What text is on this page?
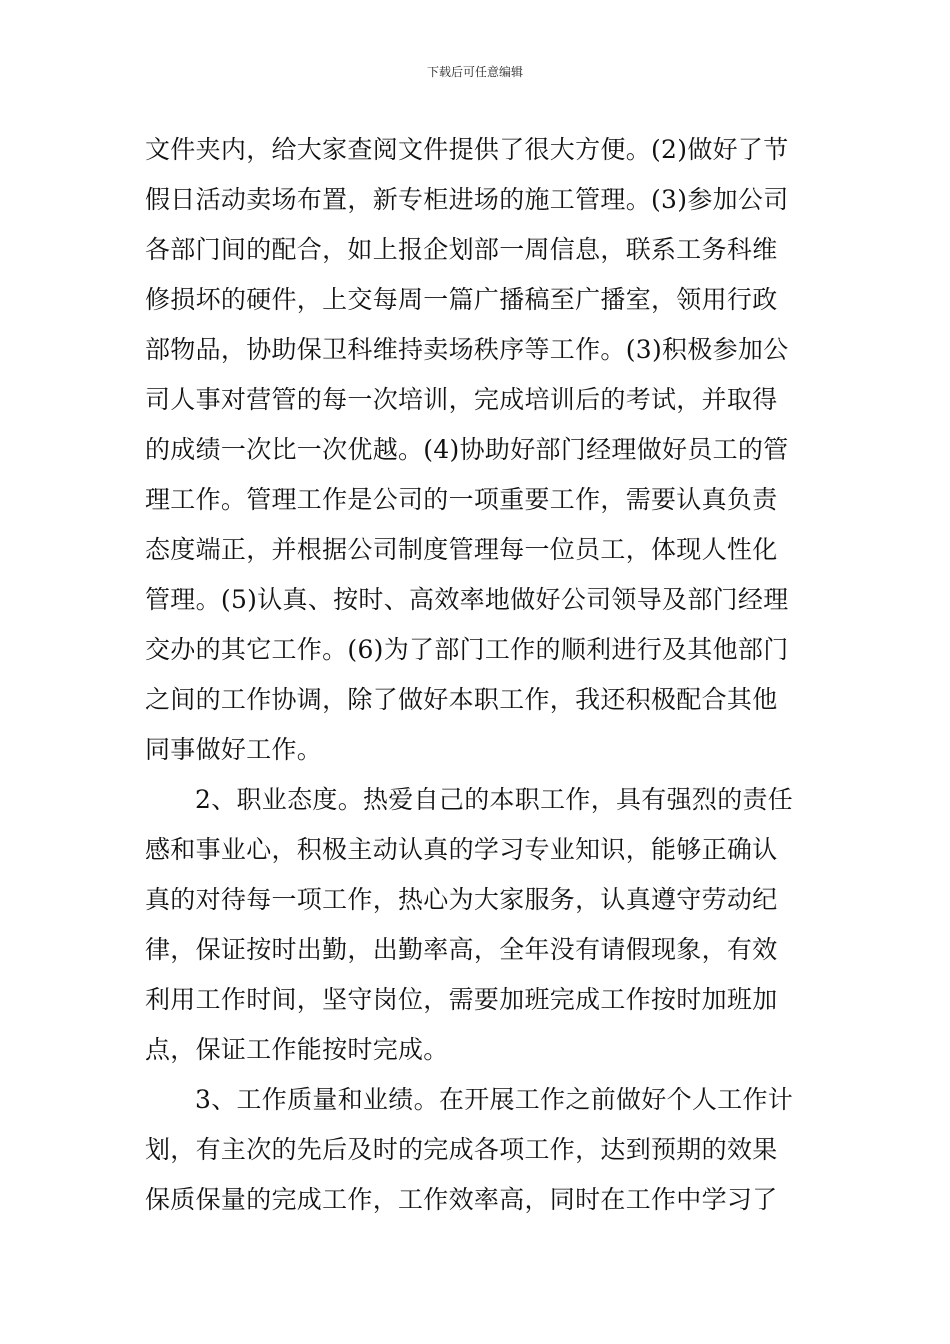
下载后可任意编辑
文件夹内，给大家查阅文件提供了很大方便。(2)做好了节
假日活动卖场布置，新专柜进场的施工管理。(3)参加公司
各部门间的配合，如上报企划部一周信息，联系工务科维
修损坏的硬件，上交每周一篇广播稿至广播室，领用行政
部物品，协助保卫科维持卖场秩序等工作。(3)积极参加公
司人事对营管的每一次培训，完成培训后的考试，并取得
的成绩一次比一次优越。(4)协助好部门经理做好员工的管
理工作。管理工作是公司的一项重要工作，需要认真负责
态度端正，并根据公司制度管理每一位员工，体现人性化
管理。(5)认真、按时、高效率地做好公司领导及部门经理
交办的其它工作。(6)为了部门工作的顺利进行及其他部门
之间的工作协调，除了做好本职工作，我还积极配合其他
同事做好工作。
2、职业态度。热爱自己的本职工作，具有强烈的责任
感和事业心，积极主动认真的学习专业知识，能够正确认
真的对待每一项工作，热心为大家服务，认真遵守劳动纪
律，保证按时出勤，出勤率高，全年没有请假现象，有效
利用工作时间，坚守岗位，需要加班完成工作按时加班加
点，保证工作能按时完成。
3、工作质量和业绩。在开展工作之前做好个人工作计
划，有主次的先后及时的完成各项工作，达到预期的效果
保质保量的完成工作，工作效率高，同时在工作中学习了
